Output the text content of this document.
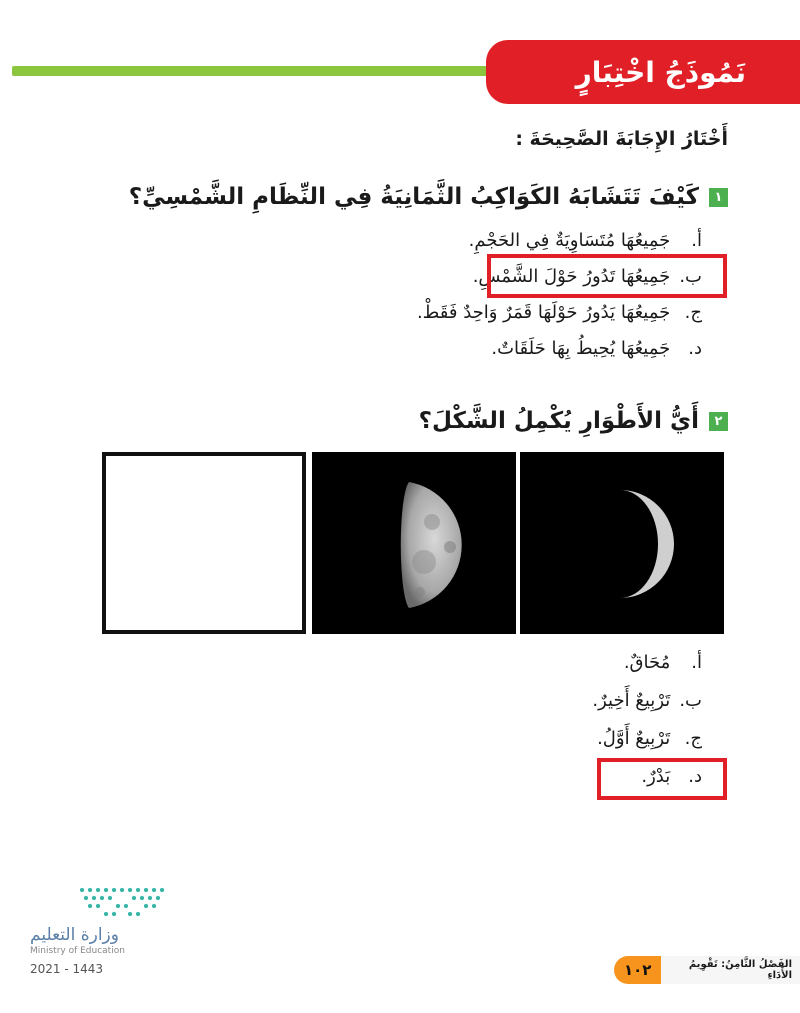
نَمُوذَجُ اخْتِبَارٍ
أَخْتَارُ الإِجَابَةَ الصَّحِيحَةَ :
١
كَيْفَ تَتَشَابَهُ الكَوَاكِبُ الثَّمَانِيَةُ فِي النِّظَامِ الشَّمْسِيِّ؟
أ. جَمِيعُهَا مُتَسَاوِيَةٌ فِي الحَجْمِ.
ب. جَمِيعُهَا تَدُورُ حَوْلَ الشَّمْسِ.
ج. جَمِيعُهَا يَدُورُ حَوْلَهَا قَمَرٌ وَاحِدٌ فَقَطْ.
د. جَمِيعُهَا يُحِيطُ بِهَا حَلَقَاتٌ.
٢
أَيُّ الأَطْوَارِ يُكْمِلُ الشَّكْلَ؟
أ. مُحَاقٌ.
ب. تَرْبِيعٌ أَخِيرٌ.
ج. تَرْبِيعٌ أَوَّلُ.
د. بَدْرٌ.
وزارة التعليم
Ministry of Education
2021 - 1443	١٠٢	الفَصْلُ الثَّامِنُ: تَقْوِيمُ الأَدَاءِ
